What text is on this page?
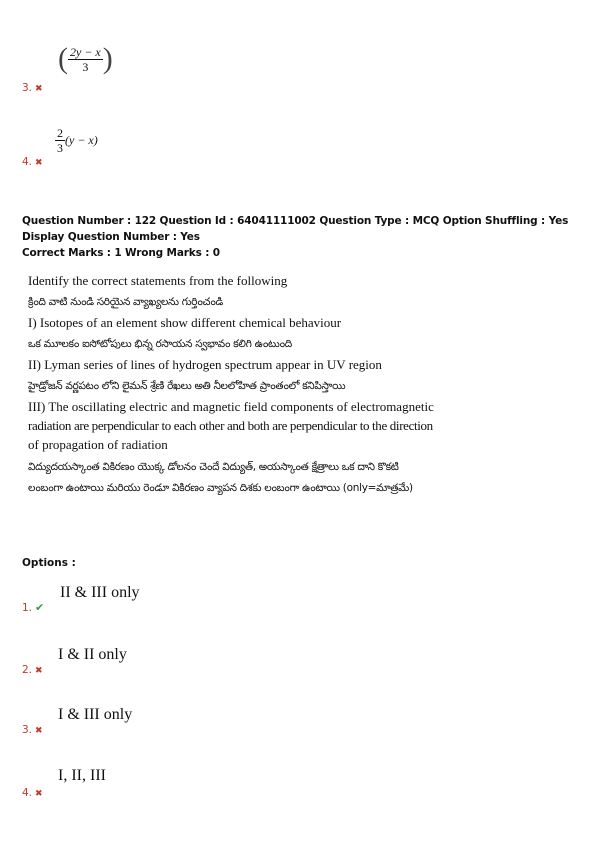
( $\frac{2y - x}{3}$ )
3. ✖
$\frac{2}{3} (y - x)$
4. ✖
Question Number : 122 Question Id : 64041111002 Question Type : MCQ Option Shuffling : Yes
Display Question Number : Yes
Correct Marks : 1 Wrong Marks : 0
Identify the correct statements from the following
క్రింది వాటి నుండి సరియైన వ్యాఖ్యలను గుర్తించండి
I) Isotopes of an element show different chemical behaviour
ఒక మూలకం ఐసోటోపులు భిన్న రసాయన స్వభావం కలిగి ఉంటుంది
II) Lyman series of lines of hydrogen spectrum appear in UV region
హైడ్రోజన్ వర్ణపటం లోని లైమన్ శ్రేణి రేఖలు అతి నీలలోహిత ప్రాంతంలో కనిపిస్తాయి
III) The oscillating electric and magnetic field components of electromagnetic
radiation are perpendicular to each other and both are perpendicular to the direction
of propagation of radiation
విద్యుదయస్కాంత వికిరణం యొక్క డోలనం చెందే విద్యుత్, అయస్కాంత క్షేత్రాలు ఒక దాని కొకటి
లంబంగా ఉంటాయి మరియు రెండూ వికిరణం వ్యాపన దిశకు లంబంగా ఉంటాయి (only=మాత్రమే)
Options :
II & III only
1. ✔
I & II only
2. ✖
I & III only
3. ✖
I, II, III
4. ✖
